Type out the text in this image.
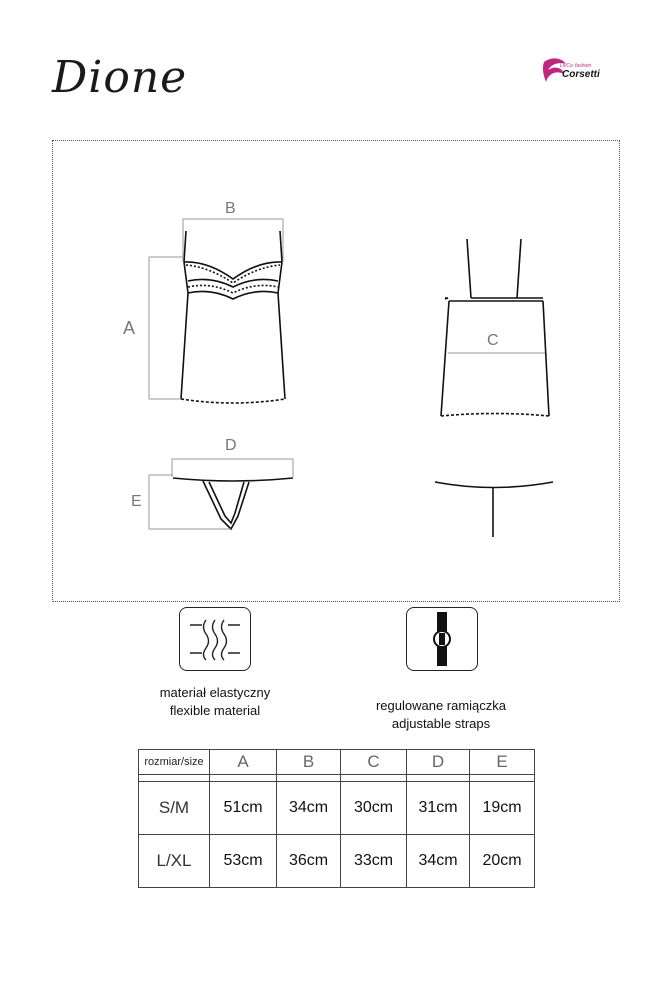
Dione	LivCo fashion
Corsetti
B
A
C
D
E
materiał elastyczny
flexible material	regulowane ramiączka
adjustable straps
rozmiar/size	A	B	C	D	E

S/M	51cm	34cm	30cm	31cm	19cm
L/XL	53cm	36cm	33cm	34cm	20cm
